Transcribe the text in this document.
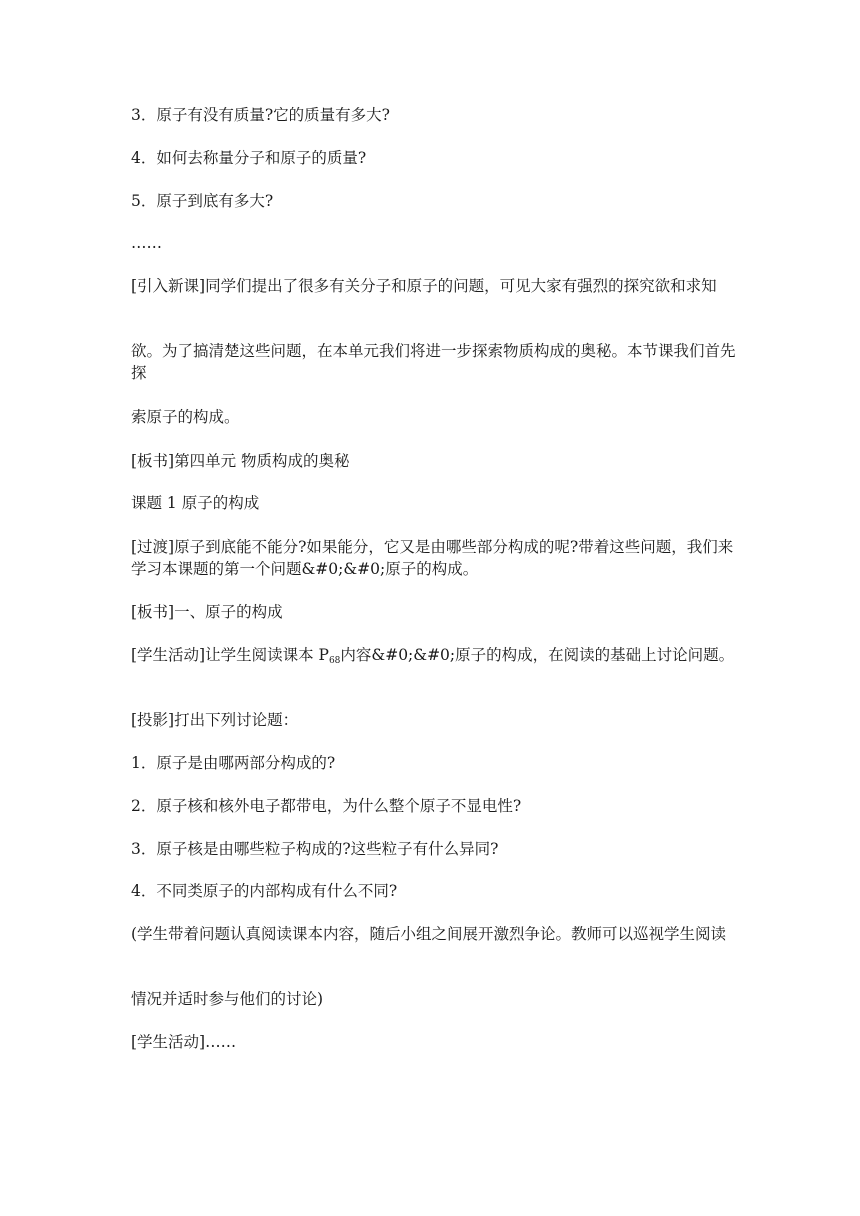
3．原子有没有质量?它的质量有多大?
4．如何去称量分子和原子的质量?
5．原子到底有多大?
……
[引入新课]同学们提出了很多有关分子和原子的问题，可见大家有强烈的探究欲和求知
欲。为了搞清楚这些问题，在本单元我们将进一步探索物质构成的奥秘。本节课我们首先探
索原子的构成。
[板书]第四单元 物质构成的奥秘
课题 1 原子的构成
[过渡]原子到底能不能分?如果能分，它又是由哪些部分构成的呢?带着这些问题，我们来学习本课题的第一个问题&#0;&#0;原子的构成。
[板书]一、原子的构成
[学生活动]让学生阅读课本 $P_{68}$内容&#0;&#0;原子的构成，在阅读的基础上讨论问题。
[投影]打出下列讨论题：
1．原子是由哪两部分构成的?
2．原子核和核外电子都带电，为什么整个原子不显电性?
3．原子核是由哪些粒子构成的?这些粒子有什么异同?
4．不同类原子的内部构成有什么不同?
(学生带着问题认真阅读课本内容，随后小组之间展开激烈争论。教师可以巡视学生阅读
情况并适时参与他们的讨论)
[学生活动]……
